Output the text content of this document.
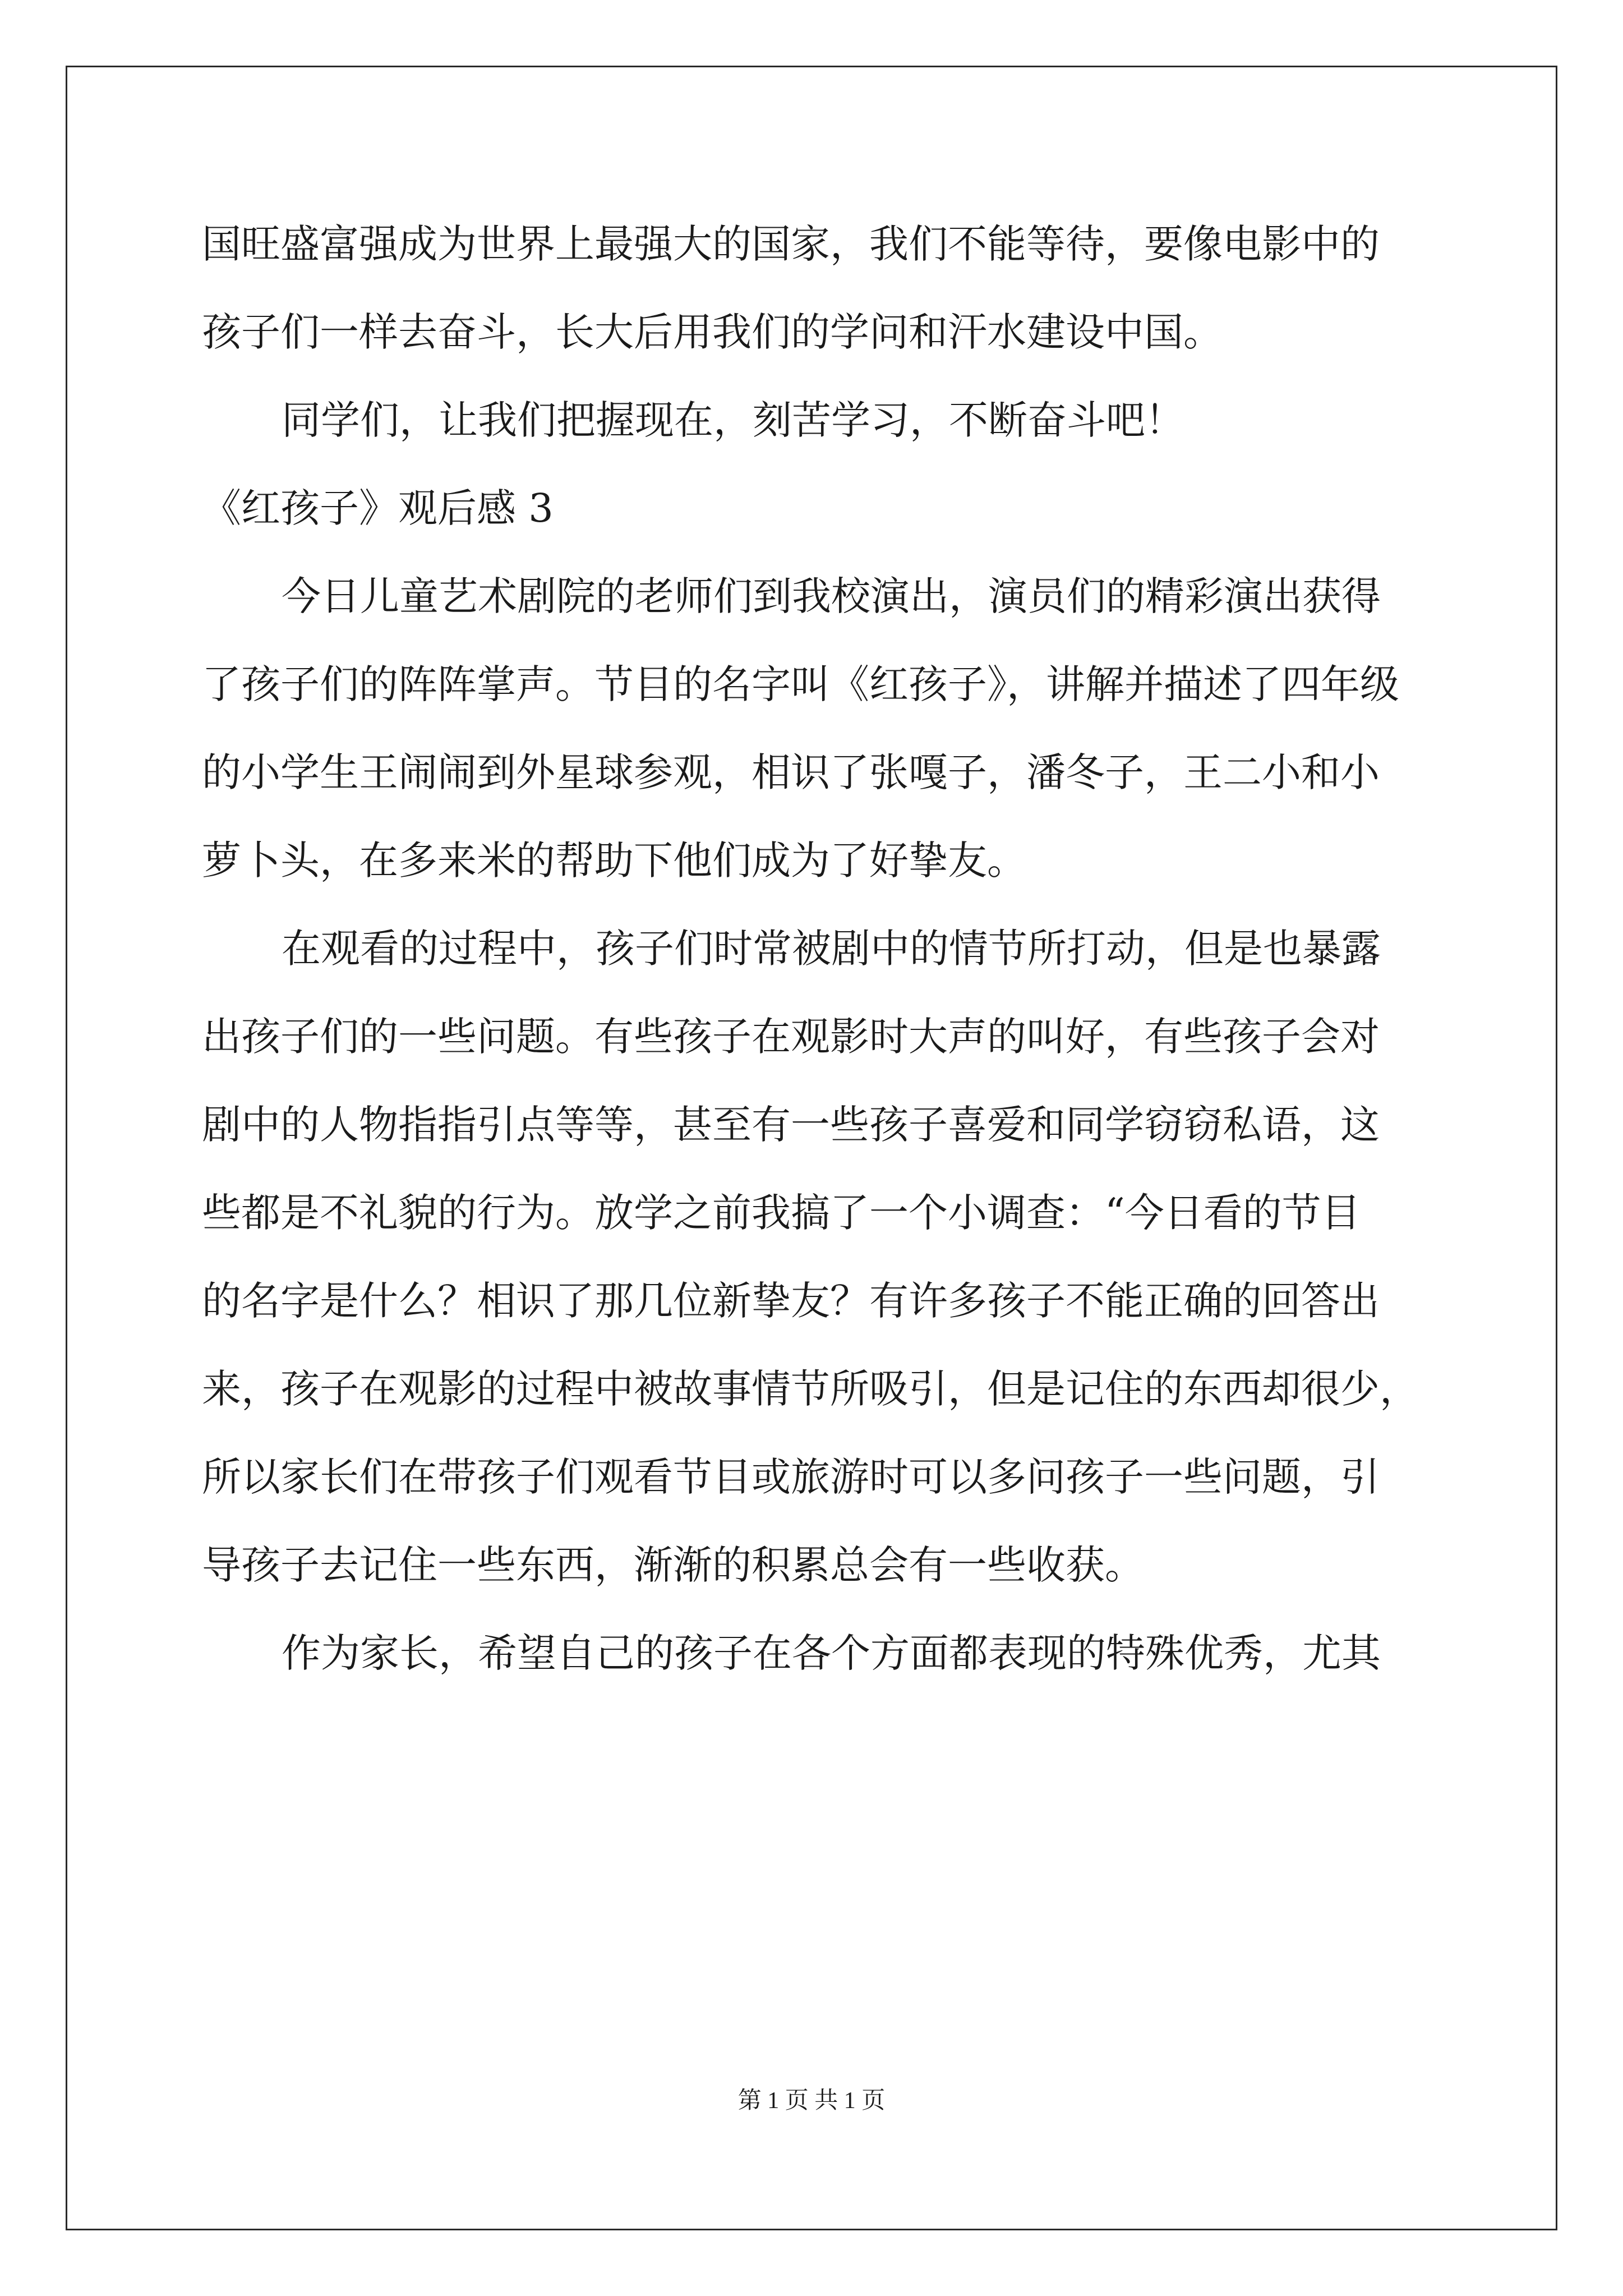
国旺盛富强成为世界上最强大的国家，我们不能等待，要像电影中的
孩子们一样去奋斗，长大后用我们的学问和汗水建设中国。
同学们，让我们把握现在，刻苦学习，不断奋斗吧！
《红孩子》观后感 3
今日儿童艺术剧院的老师们到我校演出，演员们的精彩演出获得
了孩子们的阵阵掌声。节目的名字叫《红孩子》，讲解并描述了四年级
的小学生王闹闹到外星球参观，相识了张嘎子，潘冬子，王二小和小
萝卜头，在多来米的帮助下他们成为了好挚友。
在观看的过程中，孩子们时常被剧中的情节所打动，但是也暴露
出孩子们的一些问题。有些孩子在观影时大声的叫好，有些孩子会对
剧中的人物指指引点等等，甚至有一些孩子喜爱和同学窃窃私语，这
些都是不礼貌的行为。放学之前我搞了一个小调查：“今日看的节目
的名字是什么？相识了那几位新挚友？有许多孩子不能正确的回答出
来，孩子在观影的过程中被故事情节所吸引，但是记住的东西却很少，
所以家长们在带孩子们观看节目或旅游时可以多问孩子一些问题，引
导孩子去记住一些东西，渐渐的积累总会有一些收获。
作为家长，希望自己的孩子在各个方面都表现的特殊优秀，尤其
第 1 页 共 1 页
